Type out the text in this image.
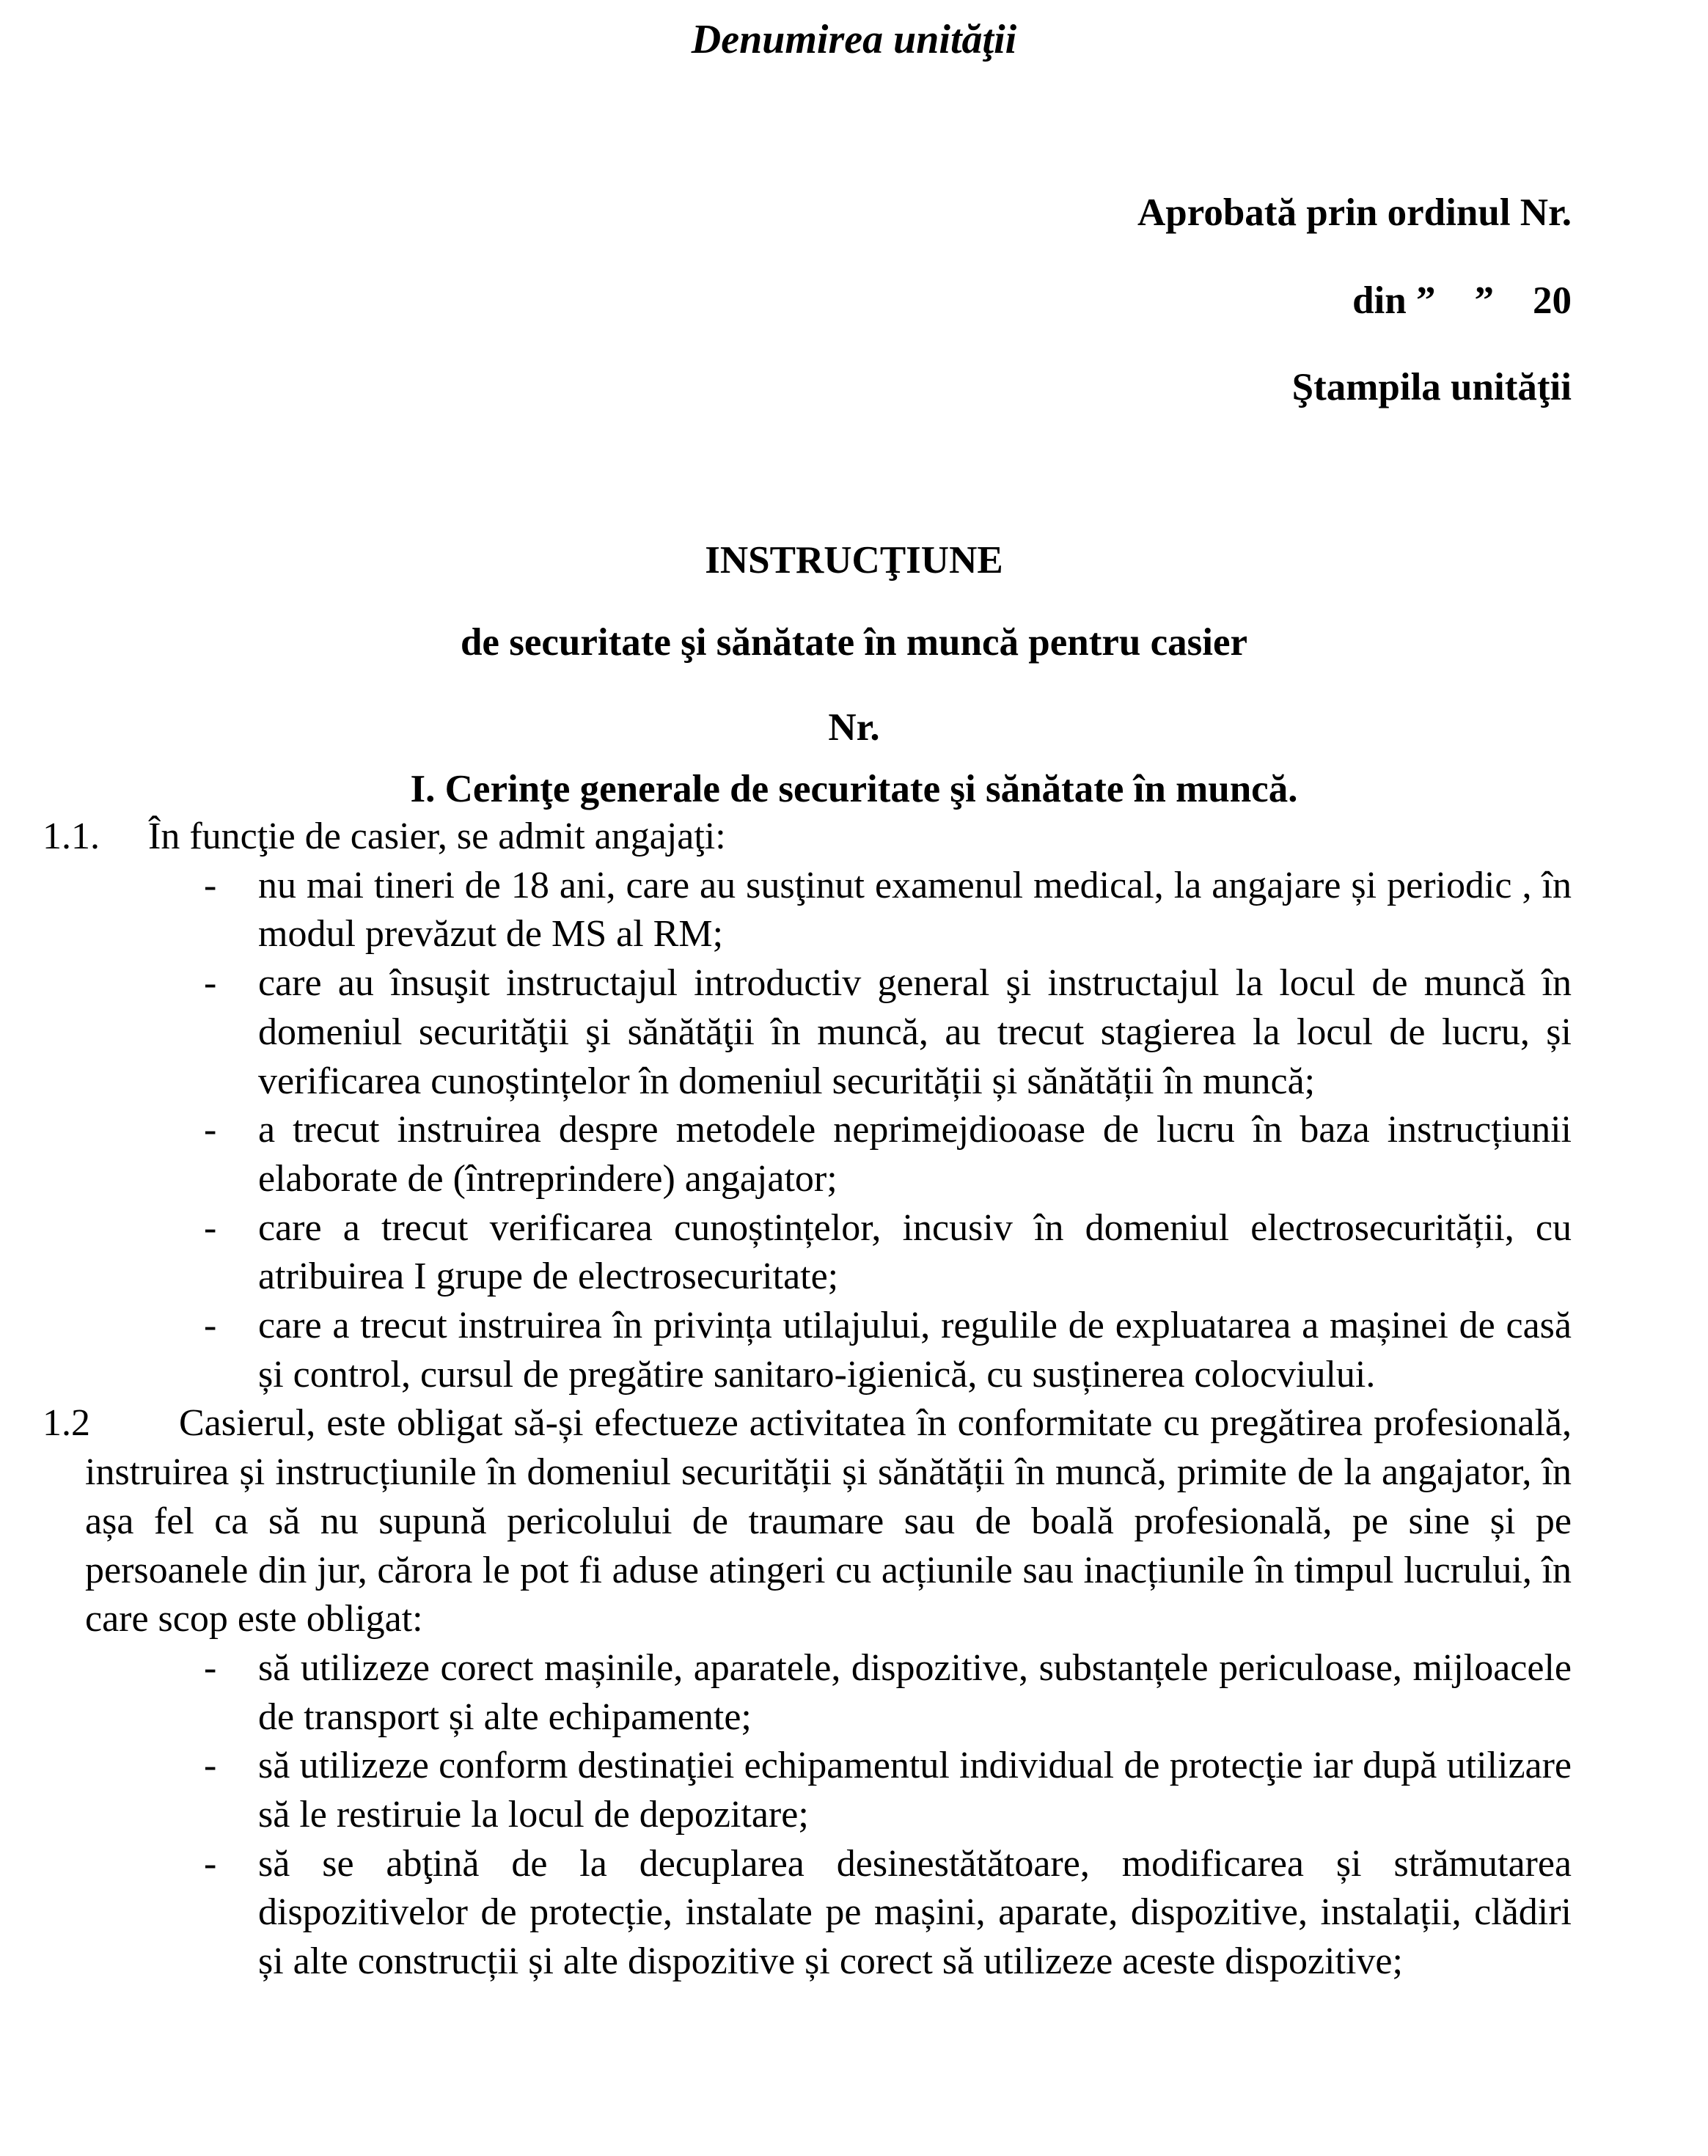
Denumirea unităţii
Aprobată prin ordinul Nr.
din ”    ”    20
Ştampila unităţii
INSTRUCŢIUNE
de securitate şi sănătate în muncă pentru casier
Nr.
I. Cerinţe generale de securitate şi sănătate în muncă.
1.1. În funcţie de casier, se admit angajaţi:
- nu mai tineri de 18 ani, care au susţinut examenul medical, la angajare și periodic , în modul prevăzut de MS al RM;
- care au însuşit instructajul introductiv general şi instructajul la locul de muncă în domeniul securităţii şi sănătăţii în muncă, au trecut stagierea la locul de lucru, și verificarea cunoștințelor în domeniul securității și sănătății în muncă;
- a trecut instruirea despre metodele neprimejdiooase de lucru în baza instrucțiunii elaborate de (întreprindere) angajator;
- care a trecut verificarea cunoștințelor, incusiv în domeniul electrosecurității, cu atribuirea I grupe de electrosecuritate;
- care a trecut instruirea în privința utilajului, regulile de expluatarea a mașinei de casă și control, cursul de pregătire sanitaro-igienică, cu susținerea colocviului.
1.2 Casierul, este obligat să-și efectueze activitatea în conformitate cu pregătirea profesională, instruirea și instrucțiunile în domeniul securității și sănătății în muncă, primite de la angajator, în așa fel ca să nu supună pericolului de traumare sau de boală profesională, pe sine și pe persoanele din jur, cărora le pot fi aduse atingeri cu acțiunile sau inacțiunile în timpul lucrului, în care scop este obligat:
- să utilizeze corect mașinile, aparatele, dispozitive, substanțele periculoase, mijloacele de transport și alte echipamente;
- să utilizeze conform destinaţiei echipamentul individual de protecţie iar după utilizare să le restiruie la locul de depozitare;
- să se abţină de la decuplarea desinestătătoare, modificarea și strămutarea dispozitivelor de protecție, instalate pe mașini, aparate, dispozitive, instalații, clădiri și alte construcții și alte dispozitive și corect să utilizeze aceste dispozitive;
